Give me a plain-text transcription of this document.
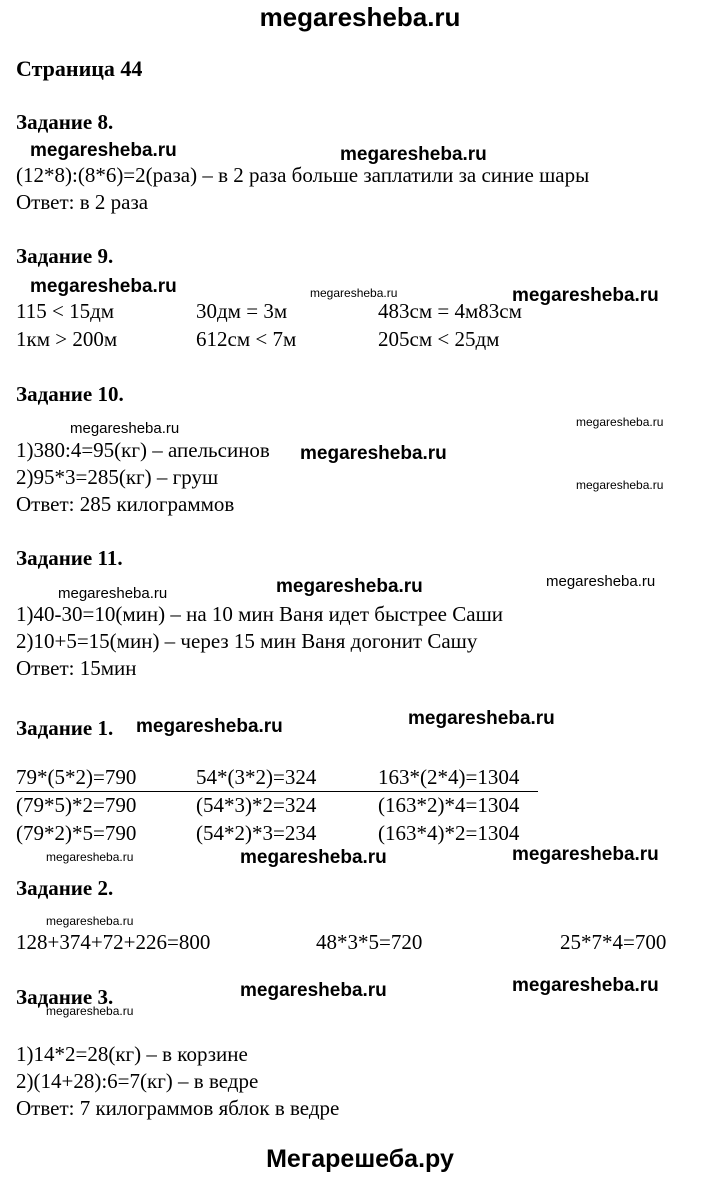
megaresheba.ru
Страница 44
Задание 8.
megaresheba.ru	megaresheba.ru
(12*8):(8*6)=2(раза) – в 2 раза больше заплатили за синие шары
Ответ: в 2 раза
Задание 9.
megaresheba.ru	megaresheba.ru	megaresheba.ru
115 < 15дм	30дм = 3м	483см = 4м83см
1км > 200м	612см < 7м	205см < 25дм
Задание 10.
megaresheba.ru	megaresheba.ru
1)380:4=95(кг) – апельсинов megaresheba.ru
2)95*3=285(кг) – груш	megaresheba.ru
Ответ: 285 килограммов
Задание 11.
megaresheba.ru	megaresheba.ru	megaresheba.ru
1)40-30=10(мин) – на 10 мин Ваня идет быстрее Саши
2)10+5=15(мин) – через 15 мин Ваня догонит Сашу
Ответ: 15мин
Задание 1. megaresheba.ru	megaresheba.ru
79*(5*2)=790	54*(3*2)=324	163*(2*4)=1304
(79*5)*2=790	(54*3)*2=324	(163*2)*4=1304
(79*2)*5=790	(54*2)*3=234	(163*4)*2=1304
megaresheba.ru	megaresheba.ru	megaresheba.ru
Задание 2.
megaresheba.ru
128+374+72+226=800	48*3*5=720	25*7*4=700
Задание 3.
megaresheba.ru
megaresheba.ru	megaresheba.ru
1)14*2=28(кг) – в корзине
2)(14+28):6=7(кг) – в ведре
Ответ: 7 килограммов яблок в ведре
Мегарешеба.ру
